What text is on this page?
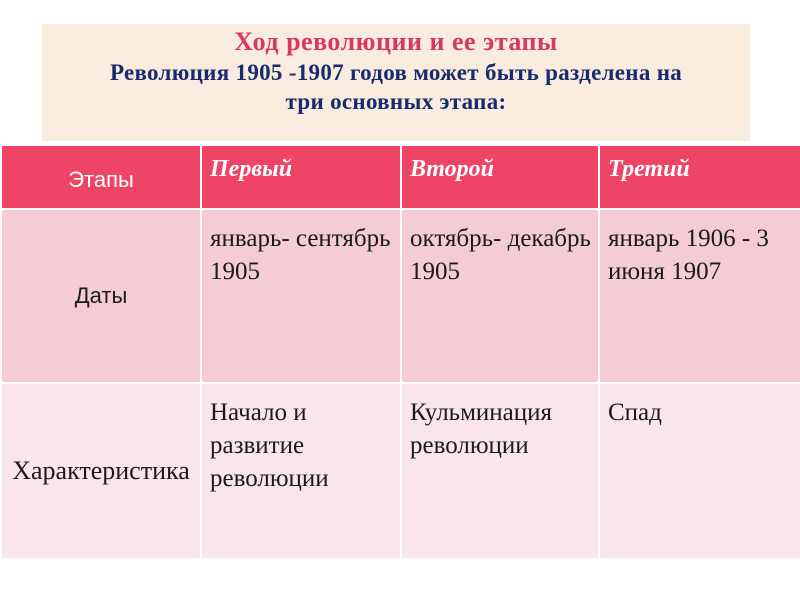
Ход революции и ее этапы
Революция 1905 -1907 годов может быть разделена на три основных этапа:
Этапы	Первый	Второй	Третий
Даты	январь- сентябрь 1905	октябрь- декабрь 1905	январь 1906 - 3 июня 1907
Характеристика	Начало и развитие революции	Кульминация революции	Спад
